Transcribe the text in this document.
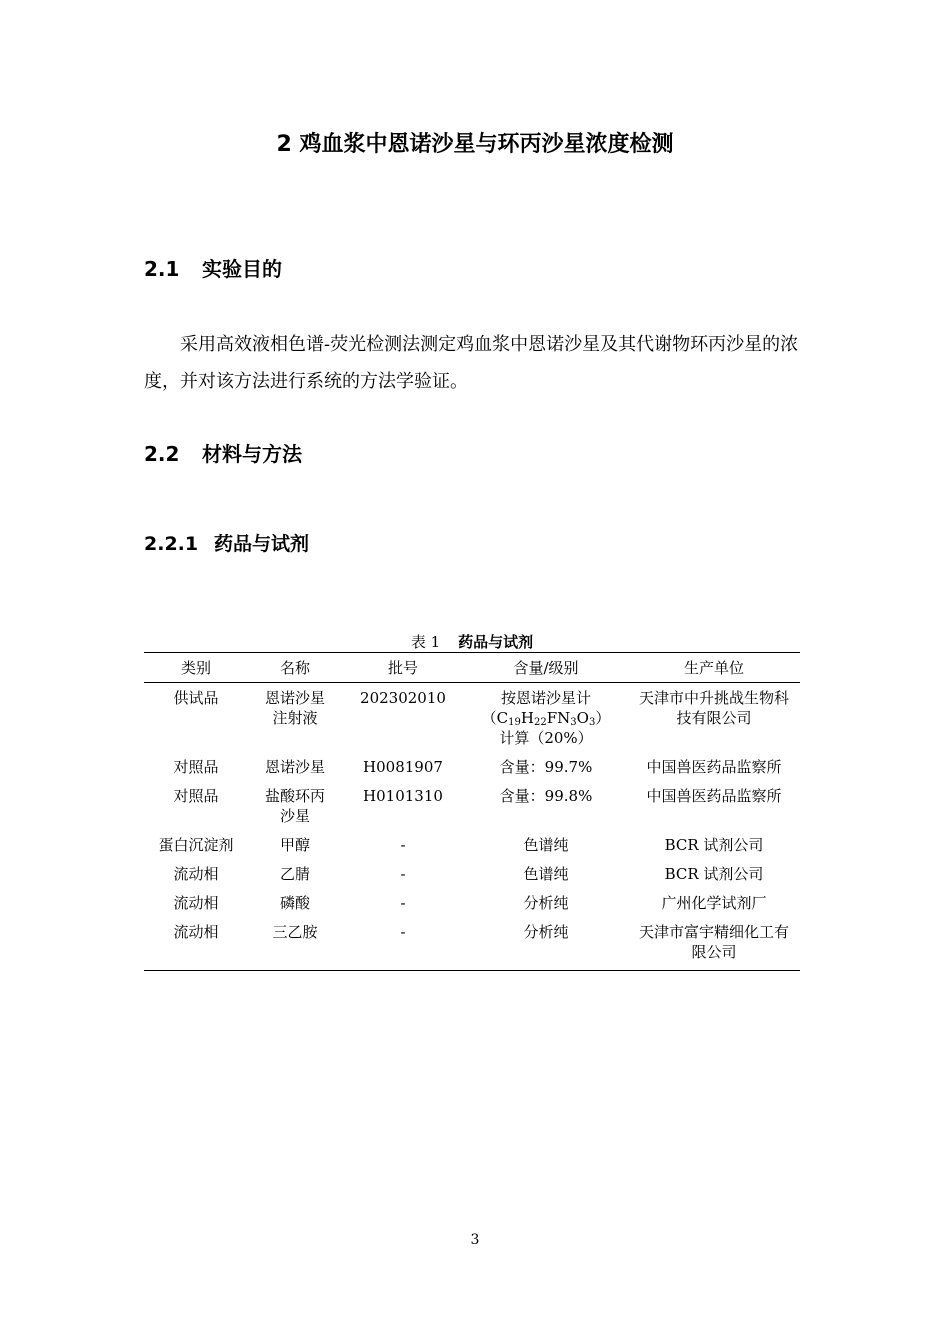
2 鸡血浆中恩诺沙星与环丙沙星浓度检测
2.1 实验目的
采用高效液相色谱-荧光检测法测定鸡血浆中恩诺沙星及其代谢物环丙沙星的浓度，并对该方法进行系统的方法学验证。
2.2 材料与方法
2.2.1 药品与试剂
表 1 药品与试剂
类别	名称	批号	含量/级别	生产单位
供试品	恩诺沙星注射液	202302010	按恩诺沙星计
$(C_{19}H_{22}FN_3O_3)$
计算（20%）	天津市中升挑战生物科技有限公司
对照品	恩诺沙星	H0081907	含量：99.7%	中国兽医药品监察所
对照品	盐酸环丙沙星	H0101310	含量：99.8%	中国兽医药品监察所
蛋白沉淀剂	甲醇	-	色谱纯	BCR 试剂公司
流动相	乙腈	-	色谱纯	BCR 试剂公司
流动相	磷酸	-	分析纯	广州化学试剂厂
流动相	三乙胺	-	分析纯	天津市富宇精细化工有限公司
3
